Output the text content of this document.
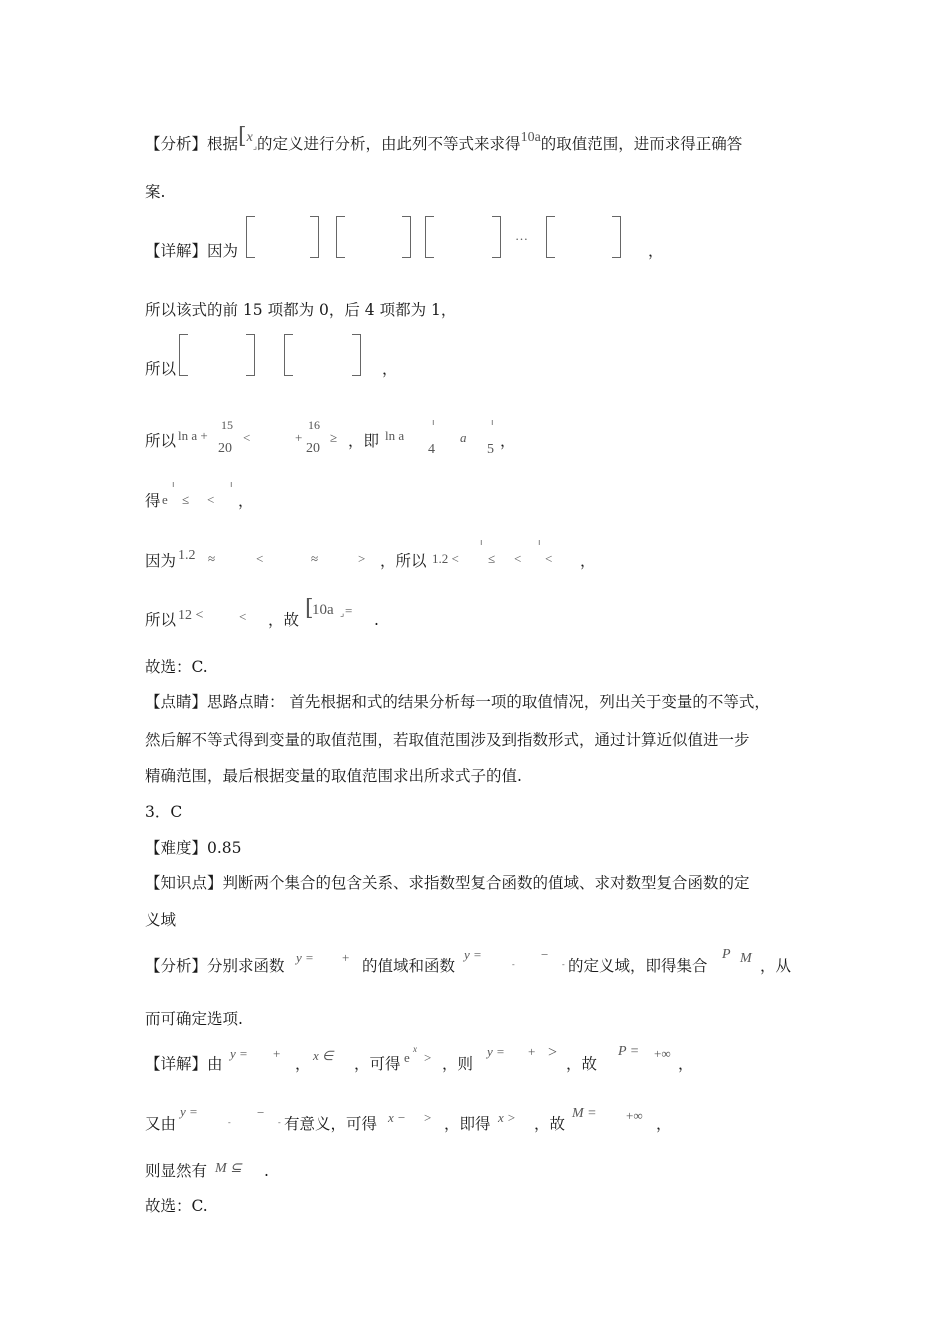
【分析】根据[x⌟的定义进行分析，由此列不等式来求得10a的取值范围，进而求得正确答
案.
【详解】因为
…
，
所以该式的前 15 项都为 0，后 4 项都为 1，
所以	，
所以 ln a +
15
20
<	+
16
20
≥ ，即 ln a
ı
4
a
ı
5 ，
得 e
ı
≤ <
ı
，
因为 1.2 ≈	<	≈	> ，所以 1.2 <
ı
≤ <
ı
< ，
所以 12 <	< ，故 [
10a ⌟ =
.
故选：C.
【点睛】思路点睛： 首先根据和式的结果分析每一项的取值情况，列出关于变量的不等式，
然后解不等式得到变量的取值范围，若取值范围涉及到指数形式，通过计算近似值进一步
精确范围，最后根据变量的取值范围求出所求式子的值.
3．C
【难度】0.85
【知识点】判断两个集合的包含关系、求指数型复合函数的值域、求对数型复合函数的定
义域
【分析】分别求函数 y = + 的值域和函数
y =
-
−
- 的定义域，即得集合
P M ，从
而可确定选项.
【详解】由
y = +
， x ∈ ，可得 e
x
> ，则
y = + >
，故
P = +∞
，
又由
y =
-
−
- 有意义，可得 x − > ，即得 x > ，故
M = +∞ ，
则显然有 M ⊆ .
故选：C.
